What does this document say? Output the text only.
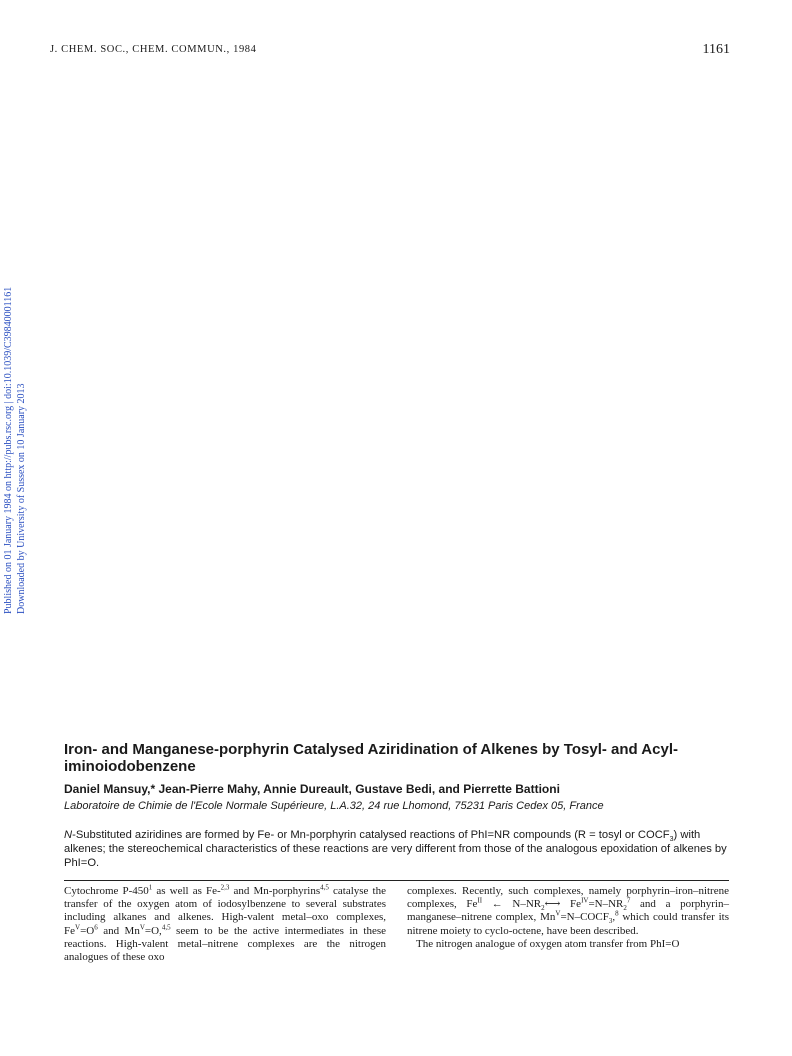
J. CHEM. SOC., CHEM. COMMUN., 1984	1161
Published on 01 January 1984 on http://pubs.rsc.org | doi:10.1039/C39840001161 Downloaded by University of Sussex on 10 January 2013
Iron- and Manganese-porphyrin Catalysed Aziridination of Alkenes by Tosyl- and Acyl-iminoiodobenzene
Daniel Mansuy,* Jean-Pierre Mahy, Annie Dureault, Gustave Bedi, and Pierrette Battioni
Laboratoire de Chimie de l'Ecole Normale Supérieure, L.A.32, 24 rue Lhomond, 75231 Paris Cedex 05, France
N-Substituted aziridines are formed by Fe- or Mn-porphyrin catalysed reactions of PhI=NR compounds (R = tosyl or $COCF_3$) with alkenes; the stereochemical characteristics of these reactions are very different from those of the analogous epoxidation of alkenes by PhI=O.

Cytochrome $P-450^1$ as well as Fe-$^{2,3}$ and Mn-porphyrins$^{4,5}$ catalyse the transfer of the oxygen atom of iodosylbenzene to several substrates including alkanes and alkenes. High-valent metal–oxo complexes, $Fe^V=O^6$ and $Mn^V=O,^{4,5}$ seem to be the active intermediates in these reactions. High-valent metal–nitrene complexes are the nitrogen analogues of these oxo

complexes. Recently, such complexes, namely porphyrin–iron–nitrene complexes, $Fe^{II}$ ← $N-NR_2⟷$ $Fe^{IV}=N-NR_2^7$ and a porphyrin–manganese–nitrene complex, $Mn^V=N-COCF_3,^8$ which could transfer its nitrene moiety to cyclo-octene, have been described.

The nitrogen analogue of oxygen atom transfer from PhI=O
